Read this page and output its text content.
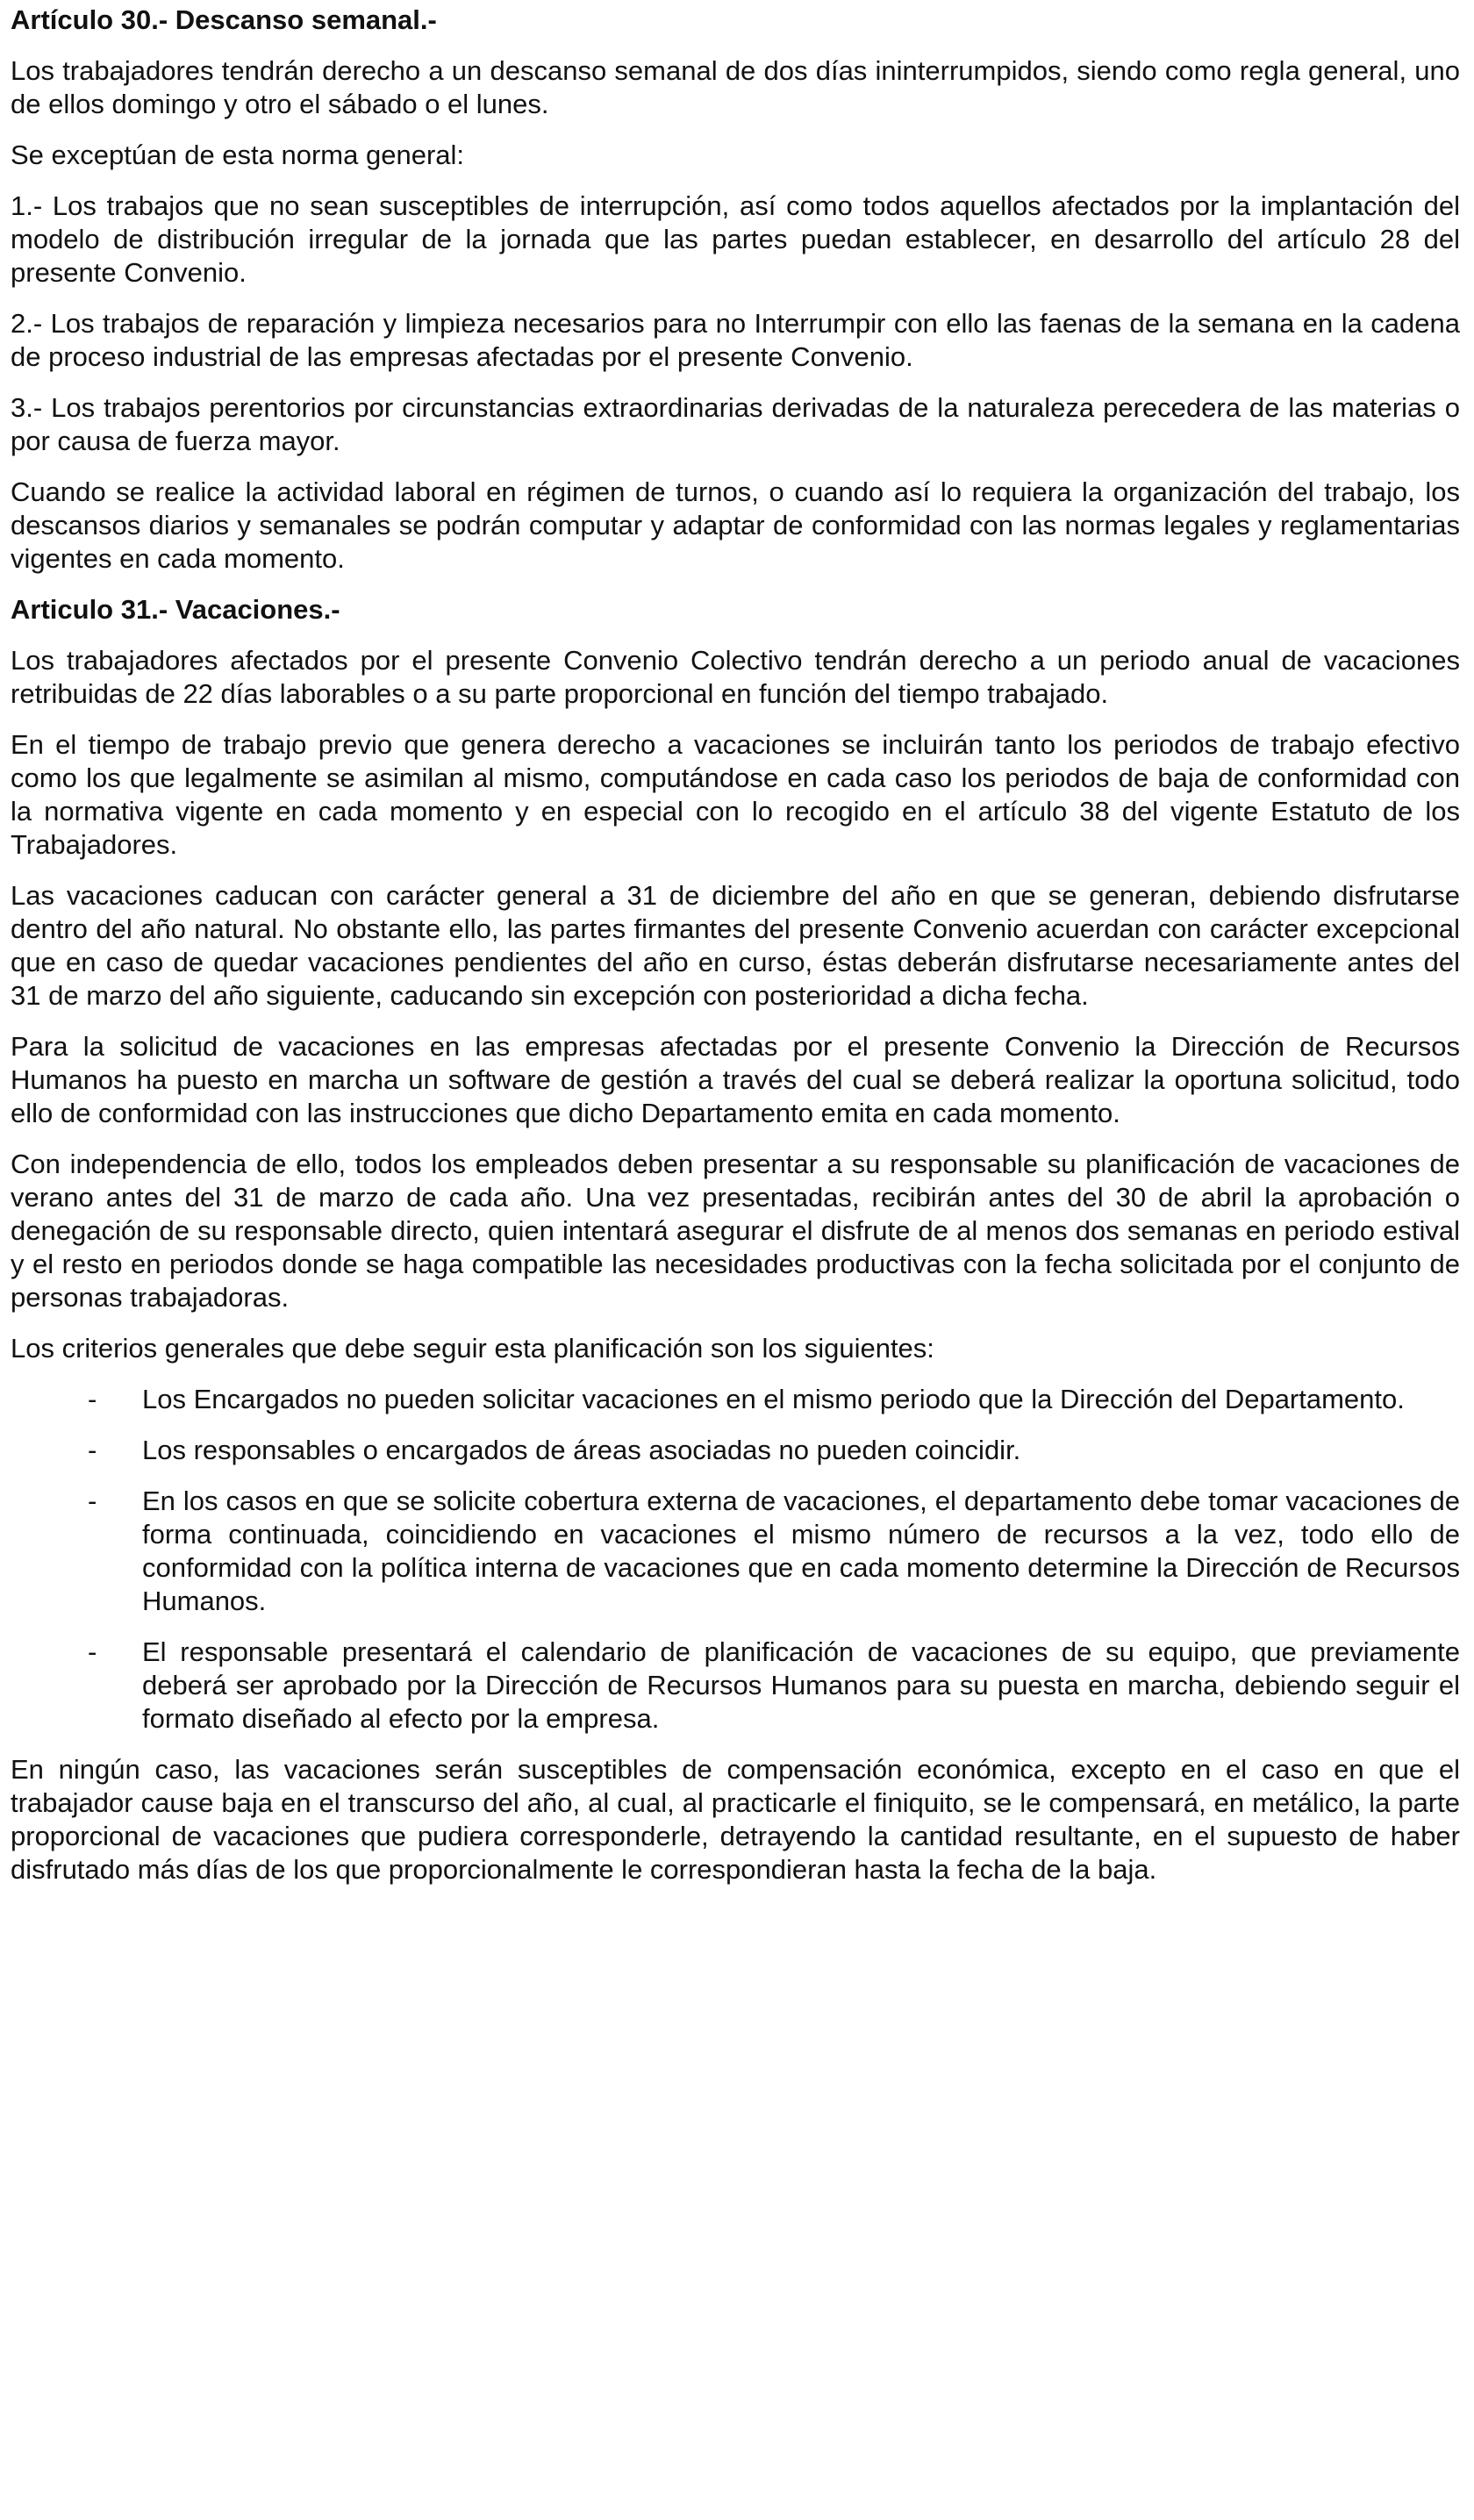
Artículo 30.- Descanso semanal.-

Los trabajadores tendrán derecho a un descanso semanal de dos días ininterrumpidos, siendo como regla general, uno de ellos domingo y otro el sábado o el lunes.

Se exceptúan de esta norma general:

1.- Los trabajos que no sean susceptibles de interrupción, así como todos aquellos afectados por la implantación del modelo de distribución irregular de la jornada que las partes puedan establecer, en desarrollo del artículo 28 del presente Convenio.

2.- Los trabajos de reparación y limpieza necesarios para no Interrumpir con ello las faenas de la semana en la cadena de proceso industrial de las empresas afectadas por el presente Convenio.

3.- Los trabajos perentorios por circunstancias extraordinarias derivadas de la naturaleza perecedera de las materias o por causa de fuerza mayor.

Cuando se realice la actividad laboral en régimen de turnos, o cuando así lo requiera la organización del trabajo, los descansos diarios y semanales se podrán computar y adaptar de conformidad con las normas legales y reglamentarias vigentes en cada momento.

Articulo 31.- Vacaciones.-

Los trabajadores afectados por el presente Convenio Colectivo tendrán derecho a un periodo anual de vacaciones retribuidas de 22 días laborables o a su parte proporcional en función del tiempo trabajado.

En el tiempo de trabajo previo que genera derecho a vacaciones se incluirán tanto los periodos de trabajo efectivo como los que legalmente se asimilan al mismo, computándose en cada caso los periodos de baja de conformidad con la normativa vigente en cada momento y en especial con lo recogido en el artículo 38 del vigente Estatuto de los Trabajadores.

Las vacaciones caducan con carácter general a 31 de diciembre del año en que se generan, debiendo disfrutarse dentro del año natural. No obstante ello, las partes firmantes del presente Convenio acuerdan con carácter excepcional que en caso de quedar vacaciones pendientes del año en curso, éstas deberán disfrutarse necesariamente antes del 31 de marzo del año siguiente, caducando sin excepción con posterioridad a dicha fecha.

Para la solicitud de vacaciones en las empresas afectadas por el presente Convenio la Dirección de Recursos Humanos ha puesto en marcha un software de gestión a través del cual se deberá realizar la oportuna solicitud, todo ello de conformidad con las instrucciones que dicho Departamento emita en cada momento.

Con independencia de ello, todos los empleados deben presentar a su responsable su planificación de vacaciones de verano antes del 31 de marzo de cada año. Una vez presentadas, recibirán antes del 30 de abril la aprobación o denegación de su responsable directo, quien intentará asegurar el disfrute de al menos dos semanas en periodo estival y el resto en periodos donde se haga compatible las necesidades productivas con la fecha solicitada por el conjunto de personas trabajadoras.

Los criterios generales que debe seguir esta planificación son los siguientes:

-	Los Encargados no pueden solicitar vacaciones en el mismo periodo que la Dirección del Departamento.
-	Los responsables o encargados de áreas asociadas no pueden coincidir.
-	En los casos en que se solicite cobertura externa de vacaciones, el departamento debe tomar vacaciones de forma continuada, coincidiendo en vacaciones el mismo número de recursos a la vez, todo ello de conformidad con la política interna de vacaciones que en cada momento determine la Dirección de Recursos Humanos.
-	El responsable presentará el calendario de planificación de vacaciones de su equipo, que previamente deberá ser aprobado por la Dirección de Recursos Humanos para su puesta en marcha, debiendo seguir el formato diseñado al efecto por la empresa.

En ningún caso, las vacaciones serán susceptibles de compensación económica, excepto en el caso en que el trabajador cause baja en el transcurso del año, al cual, al practicarle el finiquito, se le compensará, en metálico, la parte proporcional de vacaciones que pudiera corresponderle, detrayendo la cantidad resultante, en el supuesto de haber disfrutado más días de los que proporcionalmente le correspondieran hasta la fecha de la baja.
